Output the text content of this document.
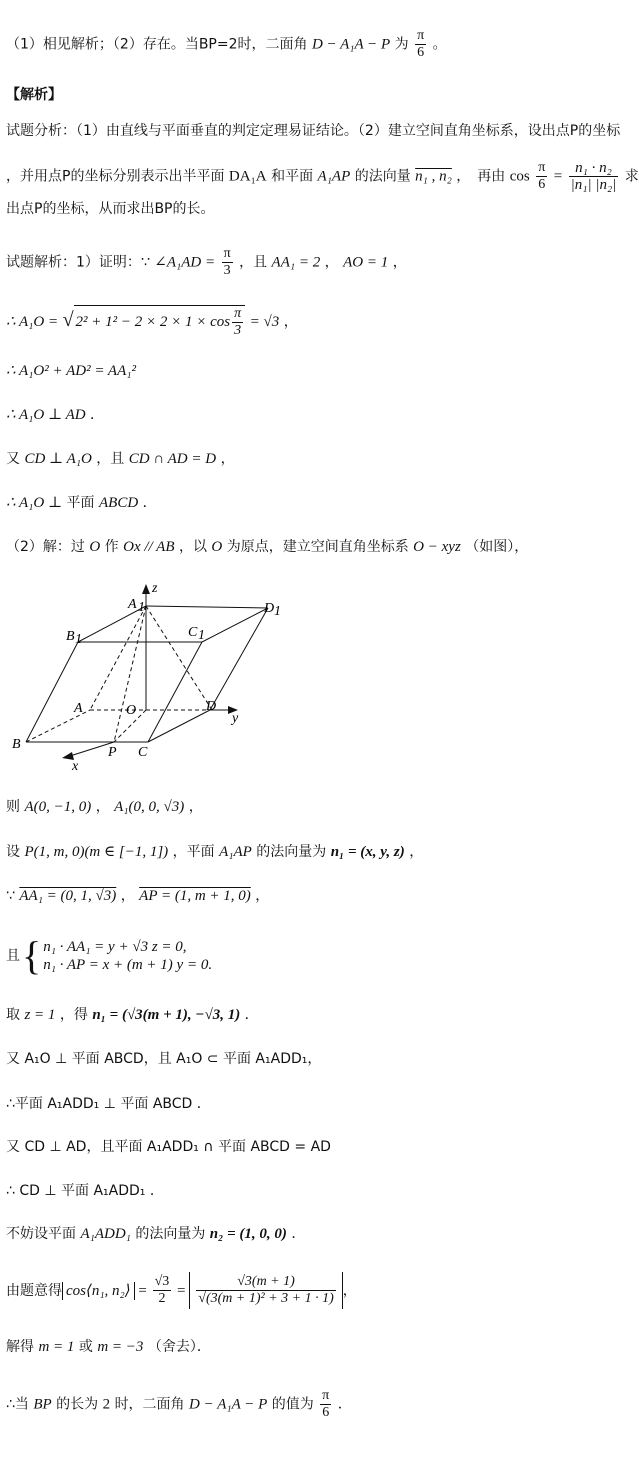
（1）相见解析；（2）存在。当BP=2时，二面角 D − A₁A − P 为 $\frac{\pi}{6}$ 。
【解析】
试题分析：（1）由直线与平面垂直的判定定理易证结论。（2）建立空间直角坐标系，设出点P的坐标
，并用点P的坐标分别表示出半平面 DA₁A 和平面 A₁AP 的法向量 n₁ , n₂ ，　再由 $\cos \frac{\pi}{6} = \frac{\text{n₁ · n₂}}{\text{|n₁| |n₂|}}$ 求
出点P的坐标，从而求出BP的长。
试题解析：1）证明：∵ ∠A₁AD = $\frac{\pi}{3}$ ，且 AA₁ = 2 ， AO = 1 ，
∴ A₁O = √ $2^2 + 1^2 - 2 \times 2 \times 1 \times \cos \frac{\pi}{3} = √3$ ，
∴ A₁O² + AD² = AA₁²
∴ A₁O ⊥ AD ．
又 CD ⊥ A₁O ，且 CD ∩ AD = D ，
∴ A₁O ⊥ 平面 ABCD ．
（2）解：过 O 作 Ox // AB ，以 O 为原点，建立空间直角坐标系 O − xyz （如图），
A 1
z
D 1
B 1	C 1
A	O	D
y
B
P C
x
则 A(0, −1, 0) ， A₁(0, 0, √3) ，
设 P(1, m, 0)(m ∈ [−1, 1]) ，平面 A₁AP 的法向量为 n₁ = (x, y, z) ，
∵ AA₁ = (0, 1, √3) ， AP = (1, m + 1, 0) ，
且 { n₁ · AA₁ = y + √3 z = 0,
n₁ · AP = x + (m + 1) y = 0.
取 z = 1 ，得 n₁ = (√3(m + 1), −√3, 1) ．
又 A₁O ⊥ 平面 ABCD，且 A₁O ⊂ 平面 A₁ADD₁，
∴平面 A₁ADD₁ ⊥ 平面 ABCD ．
又 CD ⊥ AD，且平面 A₁ADD₁ ∩ 平面 ABCD = AD
∴ CD ⊥ 平面 A₁ADD₁ ．
不妨设平面 A₁ADD₁ 的法向量为 n₂ = (1, 0, 0) ．
由题意得 cos⟨n₁, n₂⟩ = $\frac{√3}{2} = \frac{√3(m + 1)}{\text{√(3(m + 1)² + 3 + 1 · 1)}}$ ，
解得 m = 1 或 m = −3 （舍去）．
∴当 BP 的长为 2 时，二面角 D − A₁A − P 的值为 $\frac{\pi}{6}$ ．
